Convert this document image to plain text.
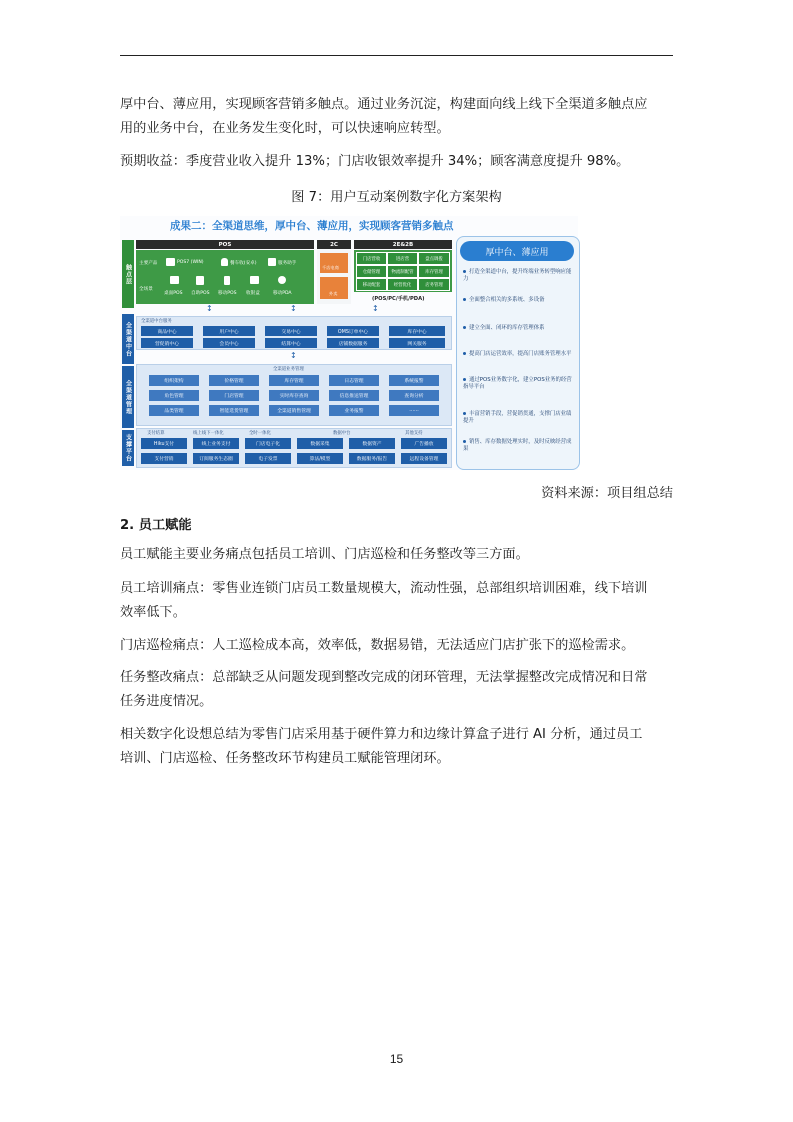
厚中台、薄应用，实现顾客营销多触点。通过业务沉淀，构建面向线上线下全渠道多触点应

用的业务中台，在业务发生变化时，可以快速响应转型。

预期收益：季度营业收入提升 13%；门店收银效率提升 34%；顾客满意度提升 98%。

图 7：用户互动案例数字化方案架构
成果二：全渠道思维，厚中台、薄应用，实现顾客营销多触点
触点层
全渠道中台
全渠道管理
支撑平台
POS	2C	2E&2B
主要产品	POS7 (WIN)	餐车收(安卓)	服务助手
全场景
桌面POS 自助POS 移动POS 收银盒	移动PDA
千店电商
外卖
门店营收	进店营	盘点调拨
仓储管理	物流制配管	库存管理
移动配套	经营优化	店务管理
(POS/PC/手机/PDA)
↕	↕	↕
全渠道中台服务
商品中心	用户中心	交易中心	OMS订单中心	库存中心
营促销中心	会员中心	结算中心	店铺数据服务	网关服务
↕
全渠道业务管理
组织架构	价格管理	库存管理	日志管理	系统报警
角色管理	门店管理	实时库存查询	信息推送管理	查询分析
品类管理	智能选货管理	全渠道销售管理	业务报警	……
支付结算	线上线下一体化	全时一体化	数据中台	其他支持
Hiku支付	线上业务支付	门店电子化	数据采集	数据资产	广告播放
支付营销	订阅服务生态圈	电子发票	算法/模型	数据服务/报告	远程设备管理
厚中台、薄应用
打造全渠道中台，提升终端业务转型响应能力
全面整合相关的多系统、多设备
建立全面、闭环的库存管理体系
提高门店运营效率，提高门店账务管理水平
通过POS业务数字化，建立POS业务的经营指导平台
丰富营销手段，营促销贯通，支撑门店业绩提升
销售、库存数据处理实时，及时反映经营成果
资料来源：项目组总结
2. 员工赋能

员工赋能主要业务痛点包括员工培训、门店巡检和任务整改等三方面。

员工培训痛点：零售业连锁门店员工数量规模大，流动性强，总部组织培训困难，线下培训

效率低下。

门店巡检痛点：人工巡检成本高，效率低，数据易错，无法适应门店扩张下的巡检需求。

任务整改痛点：总部缺乏从问题发现到整改完成的闭环管理，无法掌握整改完成情况和日常

任务进度情况。

相关数字化设想总结为零售门店采用基于硬件算力和边缘计算盒子进行 AI 分析，通过员工

培训、门店巡检、任务整改环节构建员工赋能管理闭环。

15
